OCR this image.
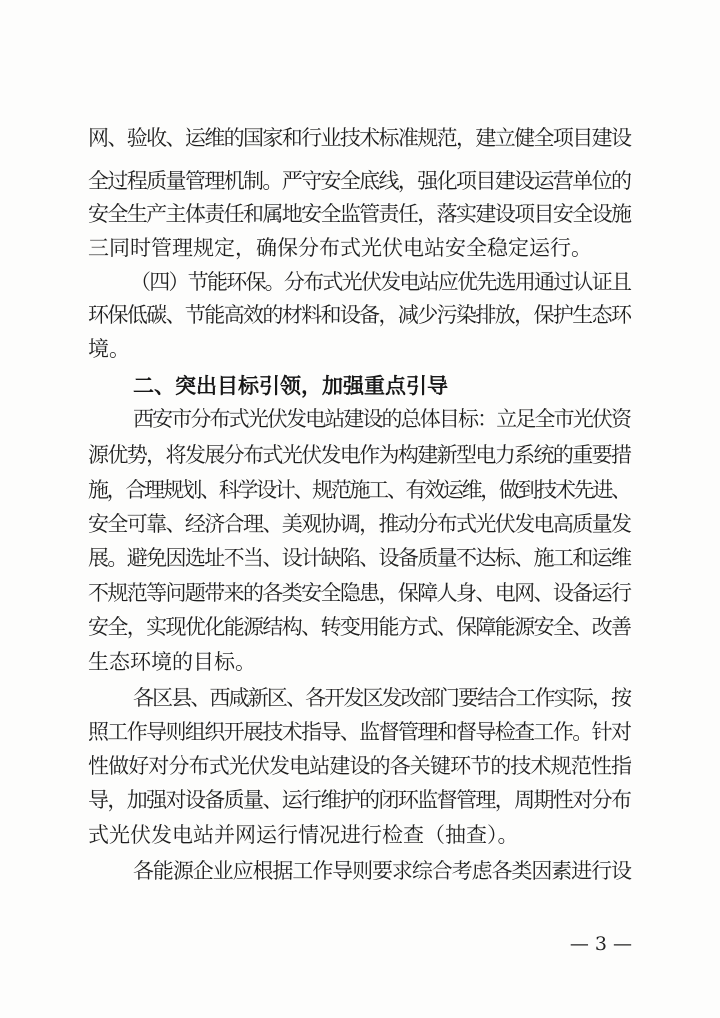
网、验收、运维的国家和行业技术标准规范，建立健全项目建设
全过程质量管理机制。严守安全底线，强化项目建设运营单位的
安全生产主体责任和属地安全监管责任，落实建设项目安全设施
三同时管理规定，确保分布式光伏电站安全稳定运行。
（四）节能环保。分布式光伏发电站应优先选用通过认证且
环保低碳、节能高效的材料和设备，减少污染排放，保护生态环
境。
二、突出目标引领，加强重点引导
西安市分布式光伏发电站建设的总体目标：立足全市光伏资
源优势，将发展分布式光伏发电作为构建新型电力系统的重要措
施，合理规划、科学设计、规范施工、有效运维，做到技术先进、
安全可靠、经济合理、美观协调，推动分布式光伏发电高质量发
展。避免因选址不当、设计缺陷、设备质量不达标、施工和运维
不规范等问题带来的各类安全隐患，保障人身、电网、设备运行
安全，实现优化能源结构、转变用能方式、保障能源安全、改善
生态环境的目标。
各区县、西咸新区、各开发区发改部门要结合工作实际，按
照工作导则组织开展技术指导、监督管理和督导检查工作。针对
性做好对分布式光伏发电站建设的各关键环节的技术规范性指
导，加强对设备质量、运行维护的闭环监督管理，周期性对分布
式光伏发电站并网运行情况进行检查（抽查）。
各能源企业应根据工作导则要求综合考虑各类因素进行设
— 3 —
